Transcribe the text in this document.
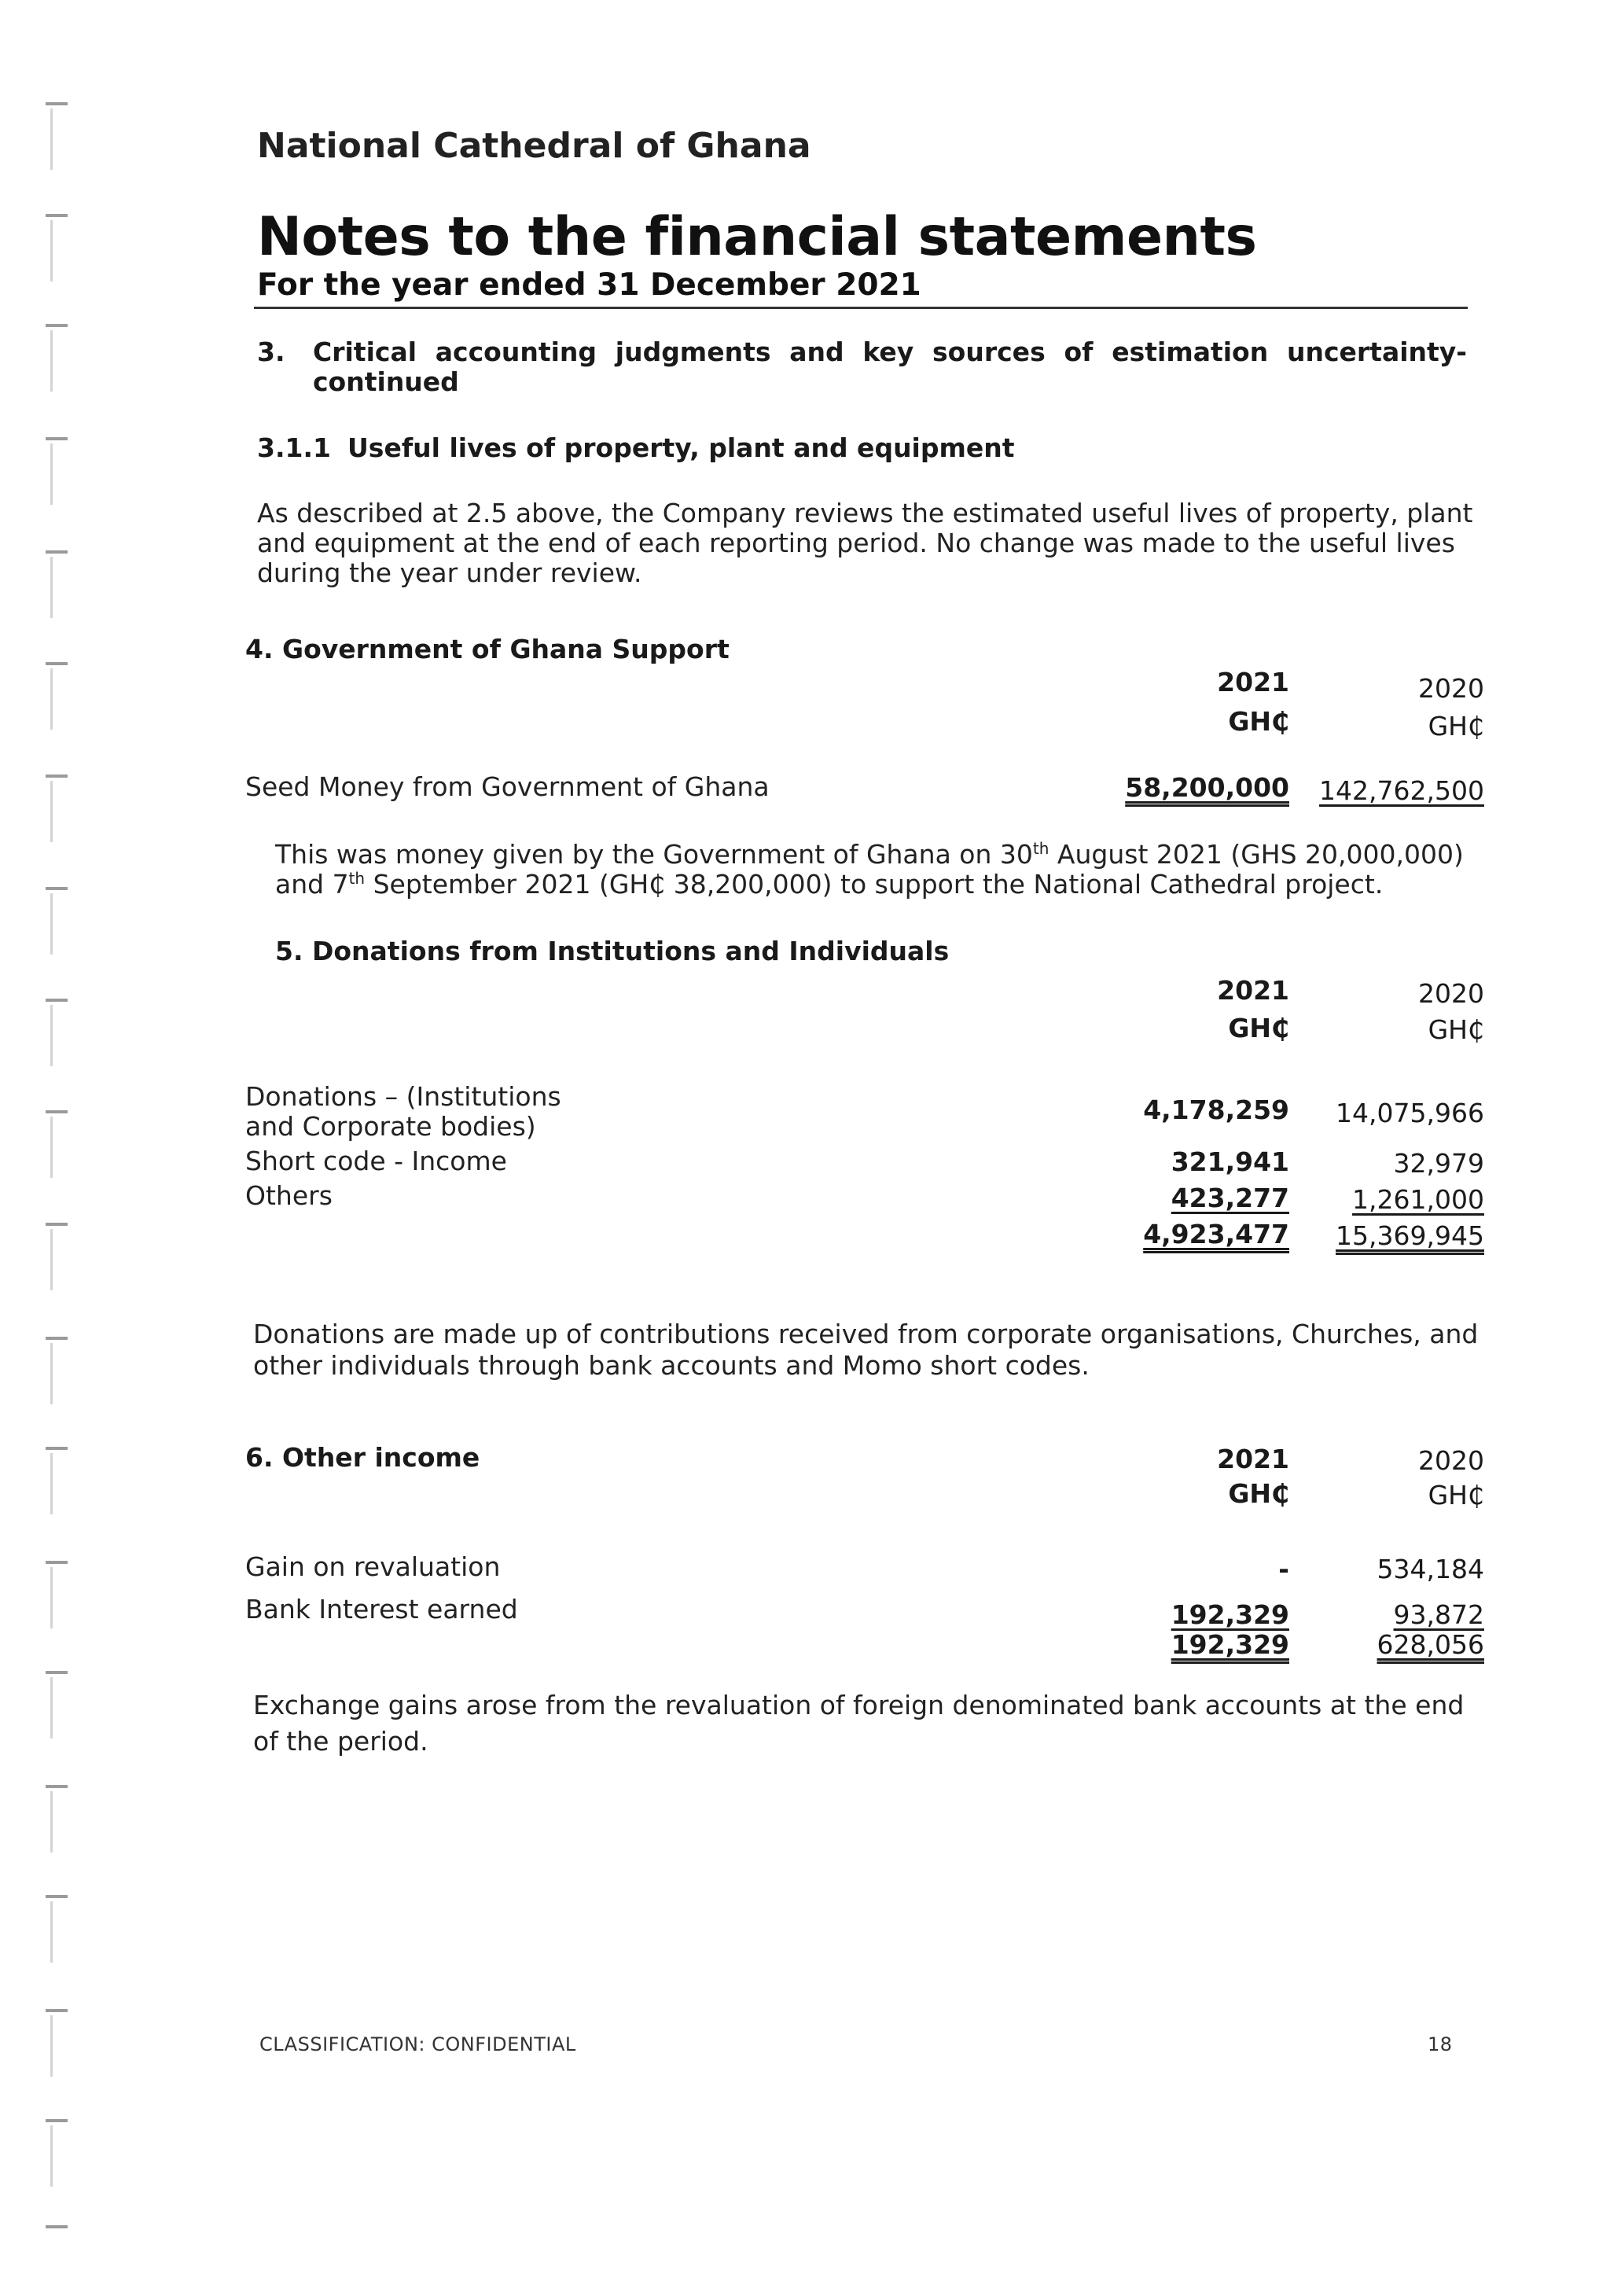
National Cathedral of Ghana
Notes to the financial statements
For the year ended 31 December 2021
3. Critical accounting judgments and key sources of estimation uncertainty-
continued
3.1.1 Useful lives of property, plant and equipment
As described at 2.5 above, the Company reviews the estimated useful lives of property, plant
and equipment at the end of each reporting period. No change was made to the useful lives
during the year under review.
4. Government of Ghana Support
2021	2020
GH₵	GH₵
Seed Money from Government of Ghana	58,200,000	142,762,500
This was money given by the Government of Ghana on 30th August 2021 (GHS 20,000,000)
and 7th September 2021 (GH₵ 38,200,000) to support the National Cathedral project.
5. Donations from Institutions and Individuals
2021	2020
GH₵	GH₵
Donations – (Institutions
and Corporate bodies)
4,178,259	14,075,966
Short code - Income	321,941	32,979
Others	423,277	1,261,000
4,923,477	15,369,945
Donations are made up of contributions received from corporate organisations, Churches, and
other individuals through bank accounts and Momo short codes.
6. Other income	2021	2020
GH₵	GH₵
Gain on revaluation	-	534,184
Bank Interest earned	192,329	93,872
192,329	628,056
Exchange gains arose from the revaluation of foreign denominated bank accounts at the end
of the period.
CLASSIFICATION: CONFIDENTIAL	18
